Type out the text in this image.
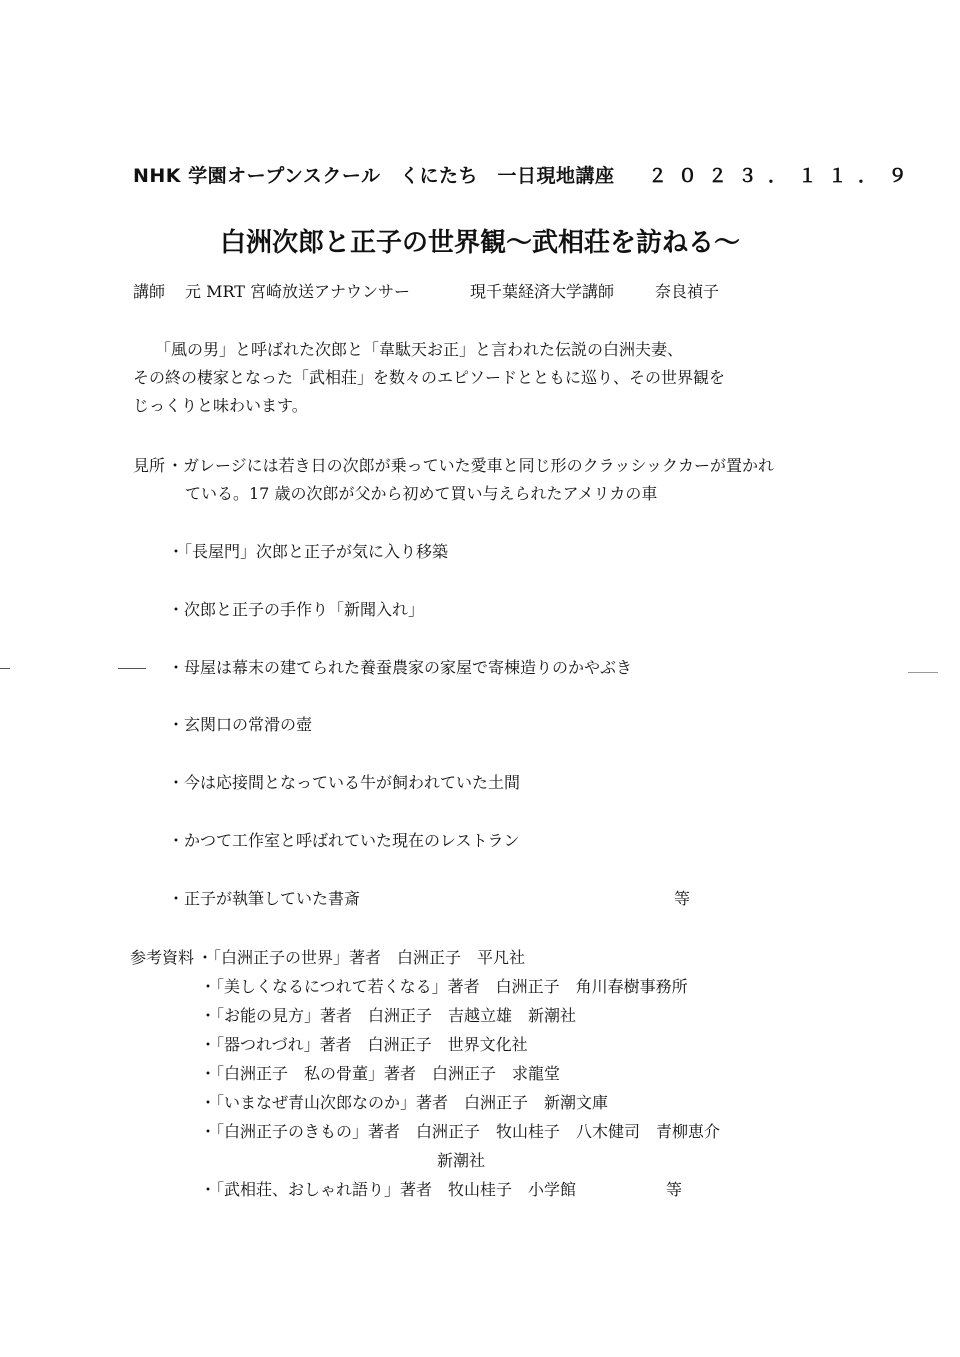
NHK 学園オープンスクール　くにたち　一日現地講座 ２０２３．１１．９
白洲次郎と正子の世界観～武相荘を訪ねる～
講師 元 MRT 宮崎放送アナウンサー	現千葉経済大学講師	奈良禎子
「風の男」と呼ばれた次郎と「韋駄天お正」と言われた伝説の白洲夫妻、
その終の棲家となった「武相荘」を数々のエピソードとともに巡り、その世界観を
じっくりと味わいます。
見所 ・ガレージには若き日の次郎が乗っていた愛車と同じ形のクラッシックカーが置かれ
ている。17 歳の次郎が父から初めて買い与えられたアメリカの車
・「長屋門」次郎と正子が気に入り移築
・次郎と正子の手作り「新聞入れ」
・母屋は幕末の建てられた養蚕農家の家屋で寄棟造りのかやぶき
・玄関口の常滑の壺
・今は応接間となっている牛が飼われていた土間
・かつて工作室と呼ばれていた現在のレストラン
・正子が執筆していた書斎	等
参考資料 ・「白洲正子の世界」著者　白洲正子　平凡社
・「美しくなるにつれて若くなる」著者　白洲正子　角川春樹事務所
・「お能の見方」著者　白洲正子　吉越立雄　新潮社
・「器つれづれ」著者　白洲正子　世界文化社
・「白洲正子　私の骨董」著者　白洲正子　求龍堂
・「いまなぜ青山次郎なのか」著者　白洲正子　新潮文庫
・「白洲正子のきもの」著者　白洲正子　牧山桂子　八木健司　青柳恵介
新潮社
・「武相荘、おしゃれ語り」著者　牧山桂子　小学館	等
